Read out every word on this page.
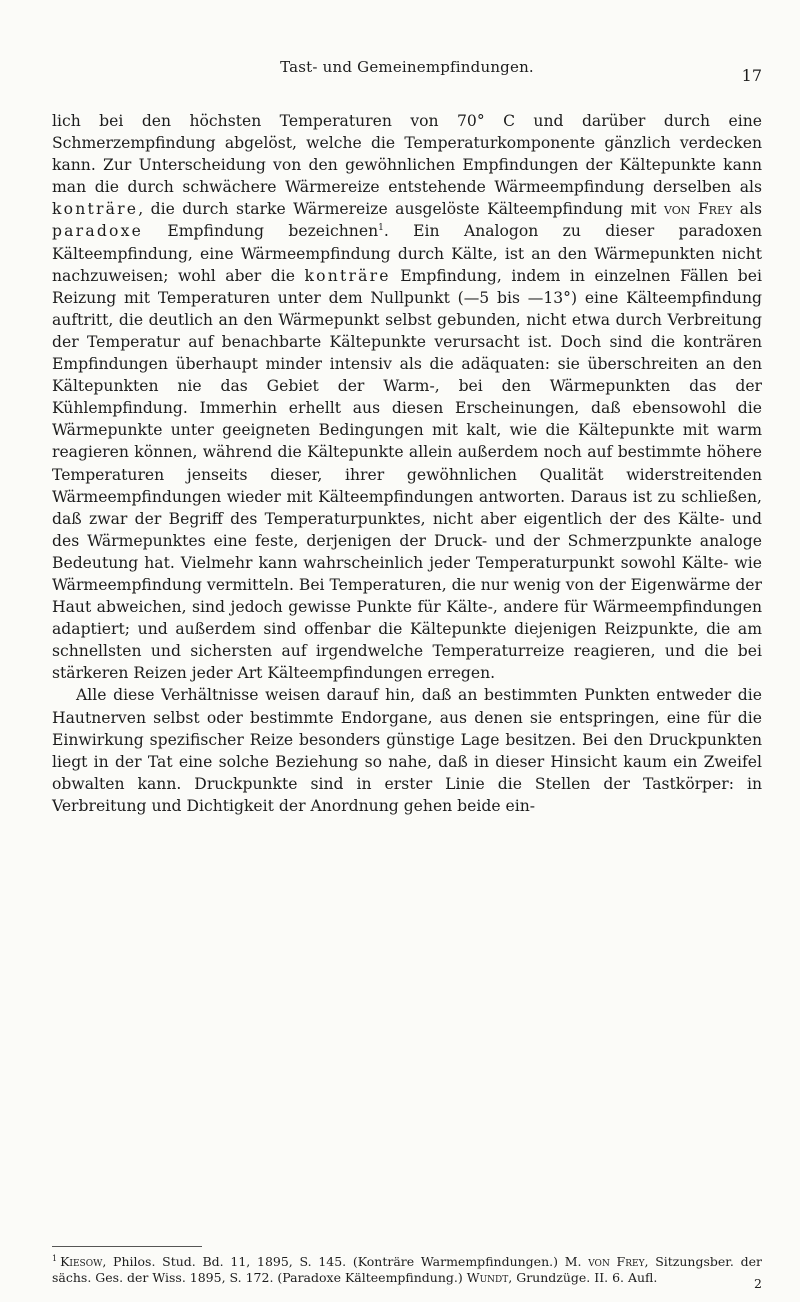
Tast- und Gemeinempfindungen.	17

lich bei den höchsten Temperaturen von 70° C und darüber durch eine Schmerzempfindung abgelöst, welche die Temperaturkomponente gänzlich verdecken kann. Zur Unterscheidung von den gewöhnlichen Empfindungen der Kältepunkte kann man die durch schwächere Wärmereize entstehende Wärmeempfindung derselben als konträre, die durch starke Wärmereize ausgelöste Kälteempfindung mit von Frey als paradoxe Empfindung bezeichnen$^1$. Ein Analogon zu dieser paradoxen Kälteempfindung, eine Wärmeempfindung durch Kälte, ist an den Wärmepunkten nicht nachzuweisen; wohl aber die konträre Empfindung, indem in einzelnen Fällen bei Reizung mit Temperaturen unter dem Nullpunkt (—5 bis —13°) eine Kälteempfindung auftritt, die deutlich an den Wärmepunkt selbst gebunden, nicht etwa durch Verbreitung der Temperatur auf benachbarte Kältepunkte verursacht ist. Doch sind die konträren Empfindungen überhaupt minder intensiv als die adäquaten: sie überschreiten an den Kältepunkten nie das Gebiet der Warm-, bei den Wärmepunkten das der Kühlempfindung. Immerhin erhellt aus diesen Erscheinungen, daß ebensowohl die Wärmepunkte unter geeigneten Bedingungen mit kalt, wie die Kältepunkte mit warm reagieren können, während die Kältepunkte allein außerdem noch auf bestimmte höhere Temperaturen jenseits dieser, ihrer gewöhnlichen Qualität widerstreitenden Wärmeempfindungen wieder mit Kälteempfindungen antworten. Daraus ist zu schließen, daß zwar der Begriff des Temperaturpunktes, nicht aber eigentlich der des Kälte- und des Wärmepunktes eine feste, derjenigen der Druck- und der Schmerzpunkte analoge Bedeutung hat. Vielmehr kann wahrscheinlich jeder Temperaturpunkt sowohl Kälte- wie Wärmeempfindung vermitteln. Bei Temperaturen, die nur wenig von der Eigenwärme der Haut abweichen, sind jedoch gewisse Punkte für Kälte-, andere für Wärmeempfindungen adaptiert; und außerdem sind offenbar die Kältepunkte diejenigen Reizpunkte, die am schnellsten und sichersten auf irgendwelche Temperaturreize reagieren, und die bei stärkeren Reizen jeder Art Kälteempfindungen erregen.

Alle diese Verhältnisse weisen darauf hin, daß an bestimmten Punkten entweder die Hautnerven selbst oder bestimmte Endorgane, aus denen sie entspringen, eine für die Einwirkung spezifischer Reize besonders günstige Lage besitzen. Bei den Druckpunkten liegt in der Tat eine solche Beziehung so nahe, daß in dieser Hinsicht kaum ein Zweifel obwalten kann. Druckpunkte sind in erster Linie die Stellen der Tastkörper: in Verbreitung und Dichtigkeit der Anordnung gehen beide ein-

$^1$ Kiesow, Philos. Stud. Bd. 11, 1895, S. 145. (Konträre Warmempfindungen.) M. von Frey, Sitzungsber. der sächs. Ges. der Wiss. 1895, S. 172. (Paradoxe Kälteempfindung.) Wundt, Grundzüge. II. 6. Aufl.	2
